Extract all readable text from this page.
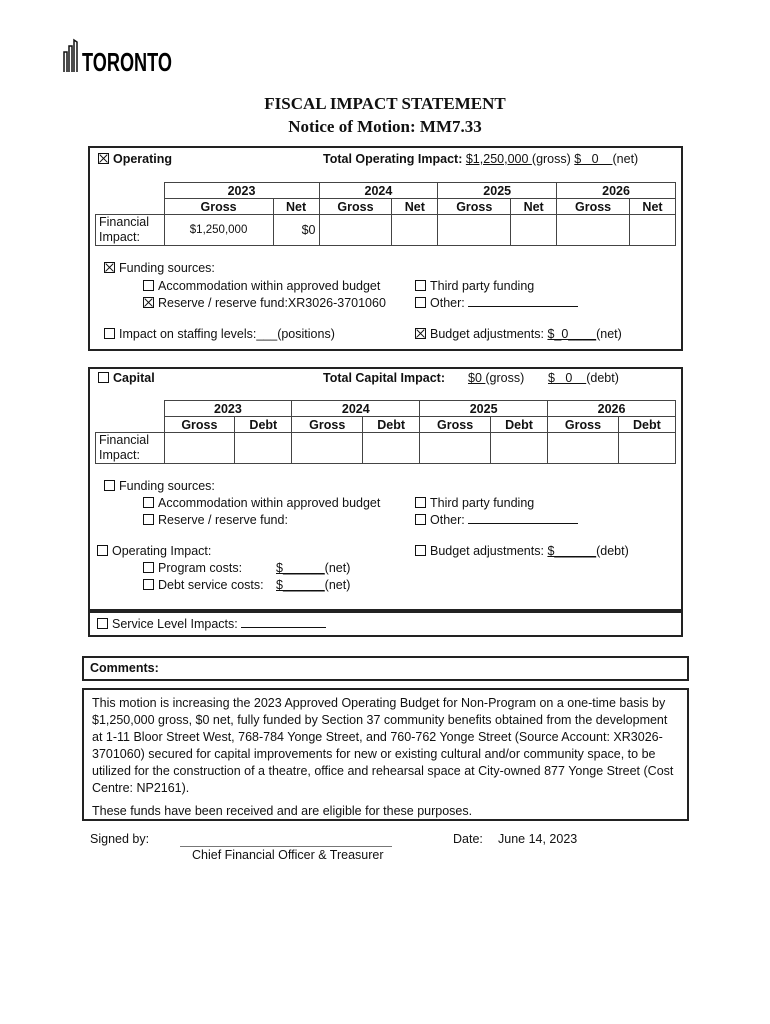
TORONTO
FISCAL IMPACT STATEMENT
Notice of Motion: MM7.33
Operating	Total Operating Impact: $1,250,000 (gross) $   0    (net)
	2023		2024		2025		2026	
	Gross	Net	Gross	Net	Gross	Net	Gross	Net
Financial Impact:	$1,250,000	$0						
Funding sources:
Accommodation within approved budget
Reserve / reserve fund:XR3026-3701060
Third party funding
Other:
Impact on staffing levels:___(positions)	Budget adjustments: $_0____(net)
Capital	Total Capital Impact: $0 (gross) $   0    (debt)
	2023		2024		2025		2026	
	Gross	Debt	Gross	Debt	Gross	Debt	Gross	Debt
Financial Impact:								
Funding sources:
Accommodation within approved budget
Reserve / reserve fund:
Third party funding
Other:
Operating Impact:
Program costs:	$______(net)
Debt service costs: $______(net)
Budget adjustments: $______(debt)
Service Level Impacts:
Comments:
This motion is increasing the 2023 Approved Operating Budget for Non-Program on a one-time basis by $1,250,000 gross, $0 net, fully funded by Section 37 community benefits obtained from the development at 1-11 Bloor Street West, 768-784 Yonge Street, and 760-762 Yonge Street (Source Account: XR3026-3701060) secured for capital improvements for new or existing cultural and/or community space, to be utilized for the construction of a theatre, office and rehearsal space at City-owned 877 Yonge Street (Cost Centre: NP2161).
These funds have been received and are eligible for these purposes.
Signed by:
Chief Financial Officer & Treasurer
Date: June 14, 2023
